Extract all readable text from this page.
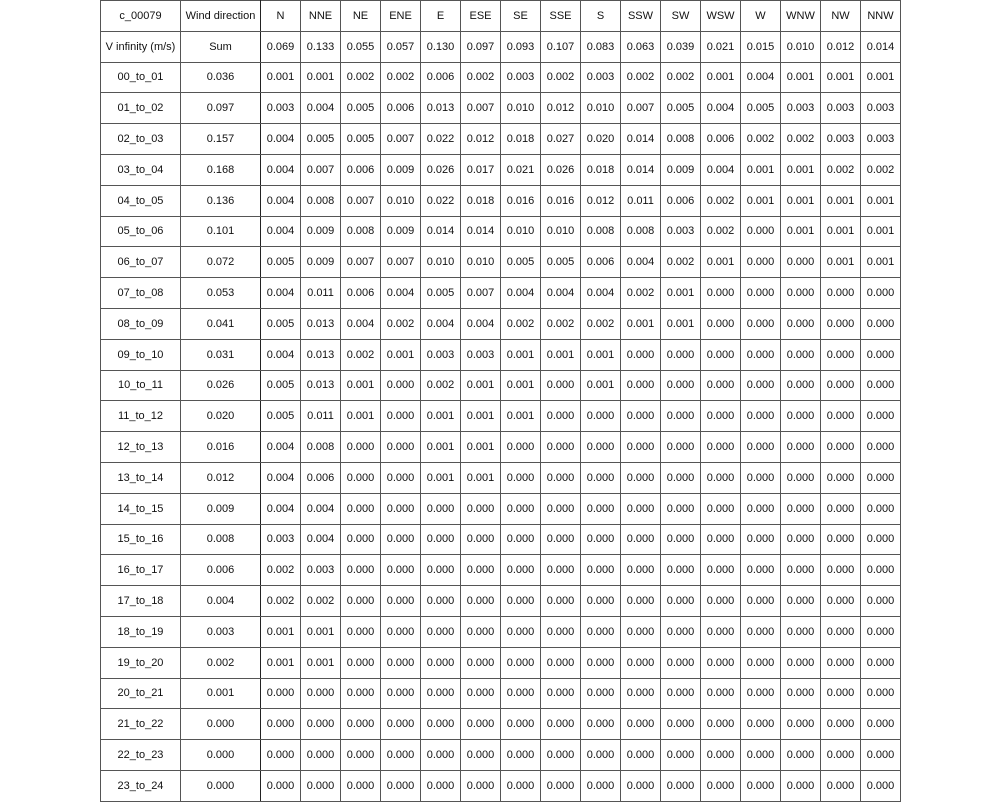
c_00079	Wind direction	N	NNE	NE	ENE	E	ESE	SE	SSE	S	SSW	SW	WSW	W	WNW	NW	NNW
V infinity (m/s)	Sum	0.069	0.133	0.055	0.057	0.130	0.097	0.093	0.107	0.083	0.063	0.039	0.021	0.015	0.010	0.012	0.014
00_to_01	0.036	0.001	0.001	0.002	0.002	0.006	0.002	0.003	0.002	0.003	0.002	0.002	0.001	0.004	0.001	0.001	0.001
01_to_02	0.097	0.003	0.004	0.005	0.006	0.013	0.007	0.010	0.012	0.010	0.007	0.005	0.004	0.005	0.003	0.003	0.003
02_to_03	0.157	0.004	0.005	0.005	0.007	0.022	0.012	0.018	0.027	0.020	0.014	0.008	0.006	0.002	0.002	0.003	0.003
03_to_04	0.168	0.004	0.007	0.006	0.009	0.026	0.017	0.021	0.026	0.018	0.014	0.009	0.004	0.001	0.001	0.002	0.002
04_to_05	0.136	0.004	0.008	0.007	0.010	0.022	0.018	0.016	0.016	0.012	0.011	0.006	0.002	0.001	0.001	0.001	0.001
05_to_06	0.101	0.004	0.009	0.008	0.009	0.014	0.014	0.010	0.010	0.008	0.008	0.003	0.002	0.000	0.001	0.001	0.001
06_to_07	0.072	0.005	0.009	0.007	0.007	0.010	0.010	0.005	0.005	0.006	0.004	0.002	0.001	0.000	0.000	0.001	0.001
07_to_08	0.053	0.004	0.011	0.006	0.004	0.005	0.007	0.004	0.004	0.004	0.002	0.001	0.000	0.000	0.000	0.000	0.000
08_to_09	0.041	0.005	0.013	0.004	0.002	0.004	0.004	0.002	0.002	0.002	0.001	0.001	0.000	0.000	0.000	0.000	0.000
09_to_10	0.031	0.004	0.013	0.002	0.001	0.003	0.003	0.001	0.001	0.001	0.000	0.000	0.000	0.000	0.000	0.000	0.000
10_to_11	0.026	0.005	0.013	0.001	0.000	0.002	0.001	0.001	0.000	0.001	0.000	0.000	0.000	0.000	0.000	0.000	0.000
11_to_12	0.020	0.005	0.011	0.001	0.000	0.001	0.001	0.001	0.000	0.000	0.000	0.000	0.000	0.000	0.000	0.000	0.000
12_to_13	0.016	0.004	0.008	0.000	0.000	0.001	0.001	0.000	0.000	0.000	0.000	0.000	0.000	0.000	0.000	0.000	0.000
13_to_14	0.012	0.004	0.006	0.000	0.000	0.001	0.001	0.000	0.000	0.000	0.000	0.000	0.000	0.000	0.000	0.000	0.000
14_to_15	0.009	0.004	0.004	0.000	0.000	0.000	0.000	0.000	0.000	0.000	0.000	0.000	0.000	0.000	0.000	0.000	0.000
15_to_16	0.008	0.003	0.004	0.000	0.000	0.000	0.000	0.000	0.000	0.000	0.000	0.000	0.000	0.000	0.000	0.000	0.000
16_to_17	0.006	0.002	0.003	0.000	0.000	0.000	0.000	0.000	0.000	0.000	0.000	0.000	0.000	0.000	0.000	0.000	0.000
17_to_18	0.004	0.002	0.002	0.000	0.000	0.000	0.000	0.000	0.000	0.000	0.000	0.000	0.000	0.000	0.000	0.000	0.000
18_to_19	0.003	0.001	0.001	0.000	0.000	0.000	0.000	0.000	0.000	0.000	0.000	0.000	0.000	0.000	0.000	0.000	0.000
19_to_20	0.002	0.001	0.001	0.000	0.000	0.000	0.000	0.000	0.000	0.000	0.000	0.000	0.000	0.000	0.000	0.000	0.000
20_to_21	0.001	0.000	0.000	0.000	0.000	0.000	0.000	0.000	0.000	0.000	0.000	0.000	0.000	0.000	0.000	0.000	0.000
21_to_22	0.000	0.000	0.000	0.000	0.000	0.000	0.000	0.000	0.000	0.000	0.000	0.000	0.000	0.000	0.000	0.000	0.000
22_to_23	0.000	0.000	0.000	0.000	0.000	0.000	0.000	0.000	0.000	0.000	0.000	0.000	0.000	0.000	0.000	0.000	0.000
23_to_24	0.000	0.000	0.000	0.000	0.000	0.000	0.000	0.000	0.000	0.000	0.000	0.000	0.000	0.000	0.000	0.000	0.000
